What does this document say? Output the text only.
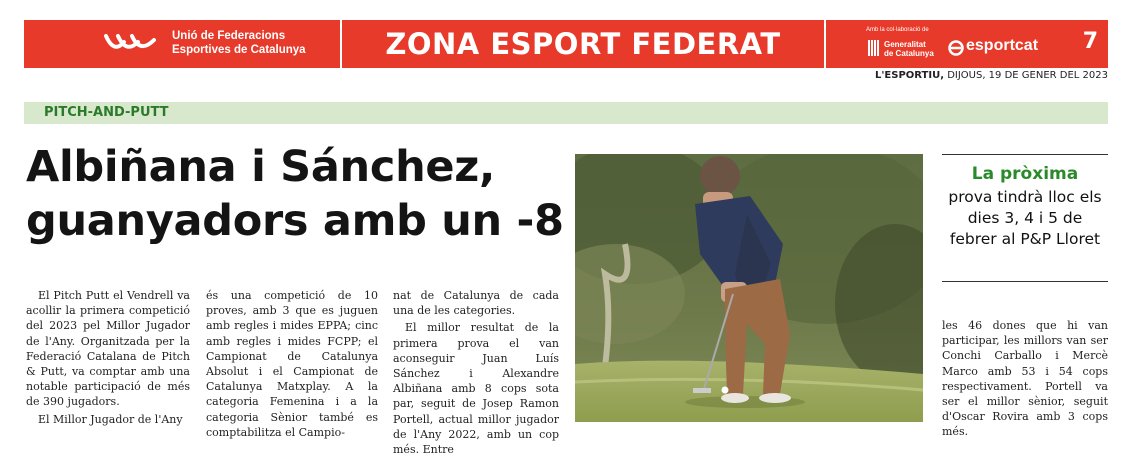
Unió de Federacions
Esportives de Catalunya	ZONA ESPORT FEDERAT	Amb la col·laboració de
Generalitat
de Catalunya esportcat 7
L'ESPORTIU, DIJOUS, 19 DE GENER DEL 2023
PITCH-AND-PUTT
Albiñana i Sánchez, guanyadors amb un -8

El Pitch Putt el Vendrell va acollir la primera competició del 2023 pel Millor Jugador de l'Any. Organitzada per la Federació Catalana de Pitch & Putt, va comptar amb una notable participació de més de 390 jugadors.

El Millor Jugador de l'Any

és una competició de 10 proves, amb 3 que es juguen amb regles i mides EPPA; cinc amb regles i mides FCPP; el Campionat de Catalunya Absolut i el Campionat de Catalunya Matxplay. A la categoria Femenina i a la categoria Sènior també es comptabilitza el Campio-

nat de Catalunya de cada una de les categories.

El millor resultat de la primera prova el van aconseguir Juan Luís Sánchez i Alexandre Albiñana amb 8 cops sota par, seguit de Josep Ramon Portell, actual millor jugador de l'Any 2022, amb un cop més. Entre

La pròxima
prova tindrà lloc els dies 3, 4 i 5 de febrer al P&P Lloret

les 46 dones que hi van participar, les millors van ser Conchi Carballo i Mercè Marco amb 53 i 54 cops respectivament. Portell va ser el millor sènior, seguit d'Oscar Rovira amb 3 cops més.
